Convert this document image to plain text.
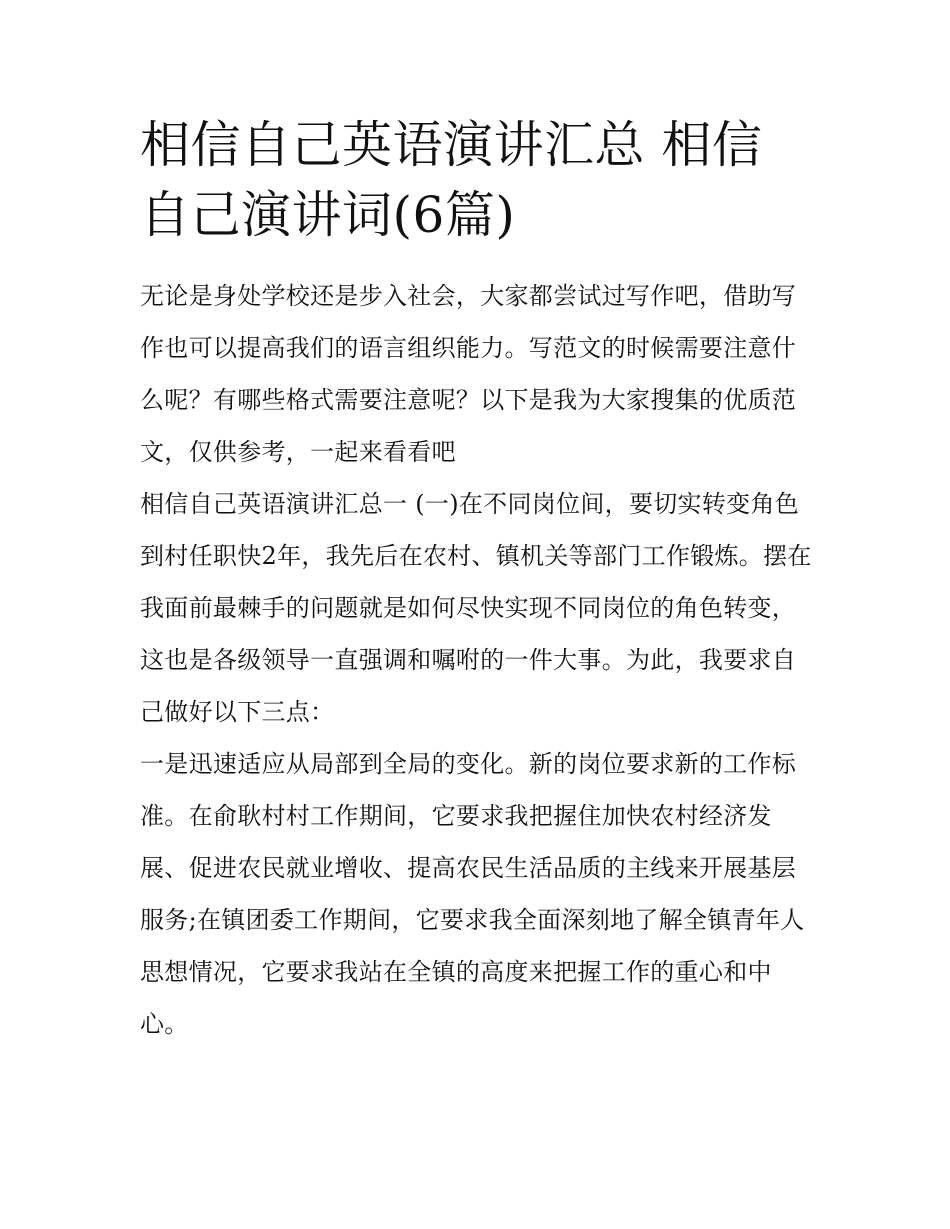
相信自己英语演讲汇总 相信自己演讲词(6篇)

无论是身处学校还是步入社会，大家都尝试过写作吧，借助写作也可以提高我们的语言组织能力。写范文的时候需要注意什么呢？有哪些格式需要注意呢？以下是我为大家搜集的优质范文，仅供参考，一起来看看吧

相信自己英语演讲汇总一 (一)在不同岗位间，要切实转变角色

到村任职快2年，我先后在农村、镇机关等部门工作锻炼。摆在我面前最棘手的问题就是如何尽快实现不同岗位的角色转变，这也是各级领导一直强调和嘱咐的一件大事。为此，我要求自己做好以下三点：

一是迅速适应从局部到全局的变化。新的岗位要求新的工作标准。在俞耿村村工作期间，它要求我把握住加快农村经济发展、促进农民就业增收、提高农民生活品质的主线来开展基层服务;在镇团委工作期间，它要求我全面深刻地了解全镇青年人思想情况，它要求我站在全镇的高度来把握工作的重心和中心。
